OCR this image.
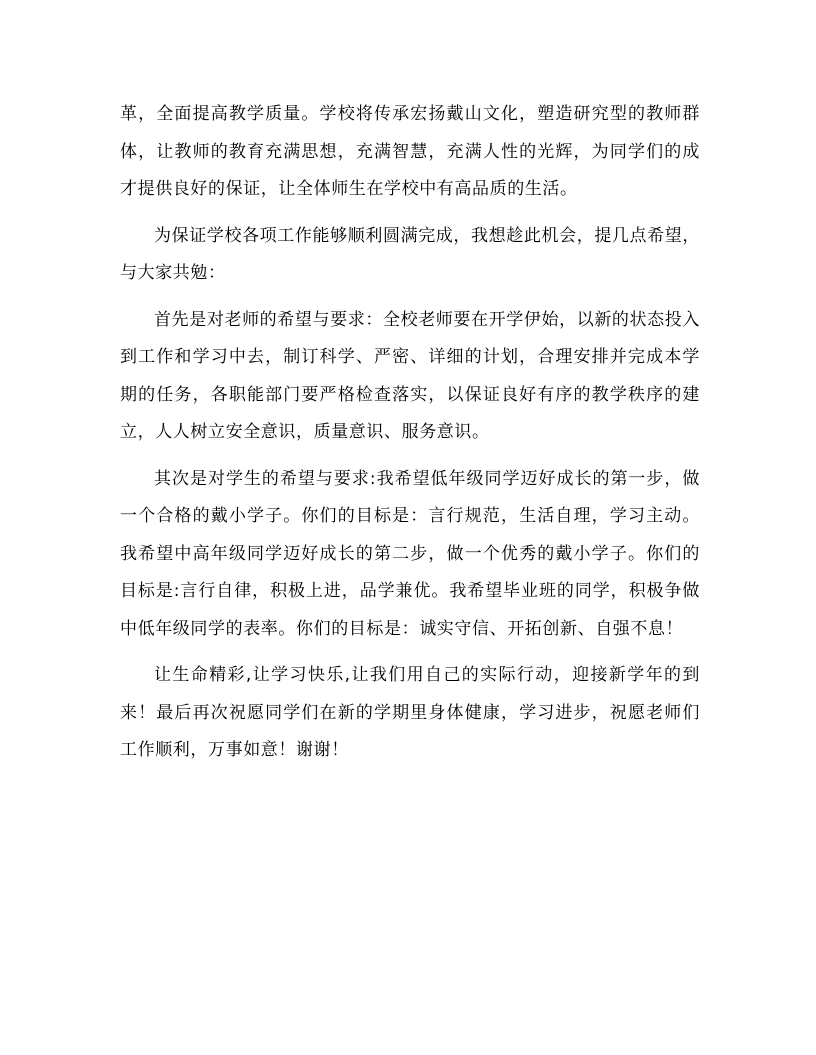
革，全面提高教学质量。学校将传承宏扬戴山文化，塑造研究型的教师群体，让教师的教育充满思想，充满智慧，充满人性的光辉，为同学们的成才提供良好的保证，让全体师生在学校中有高品质的生活。

为保证学校各项工作能够顺利圆满完成，我想趁此机会，提几点希望，与大家共勉：

首先是对老师的希望与要求：全校老师要在开学伊始，以新的状态投入到工作和学习中去，制订科学、严密、详细的计划，合理安排并完成本学期的任务，各职能部门要严格检查落实，以保证良好有序的教学秩序的建立，人人树立安全意识，质量意识、服务意识。

其次是对学生的希望与要求:我希望低年级同学迈好成长的第一步，做一个合格的戴小学子。你们的目标是：言行规范，生活自理，学习主动。我希望中高年级同学迈好成长的第二步，做一个优秀的戴小学子。你们的目标是:言行自律，积极上进，品学兼优。我希望毕业班的同学，积极争做中低年级同学的表率。你们的目标是：诚实守信、开拓创新、自强不息！

让生命精彩,让学习快乐,让我们用自己的实际行动，迎接新学年的到来！最后再次祝愿同学们在新的学期里身体健康，学习进步，祝愿老师们工作顺利，万事如意！谢谢！
